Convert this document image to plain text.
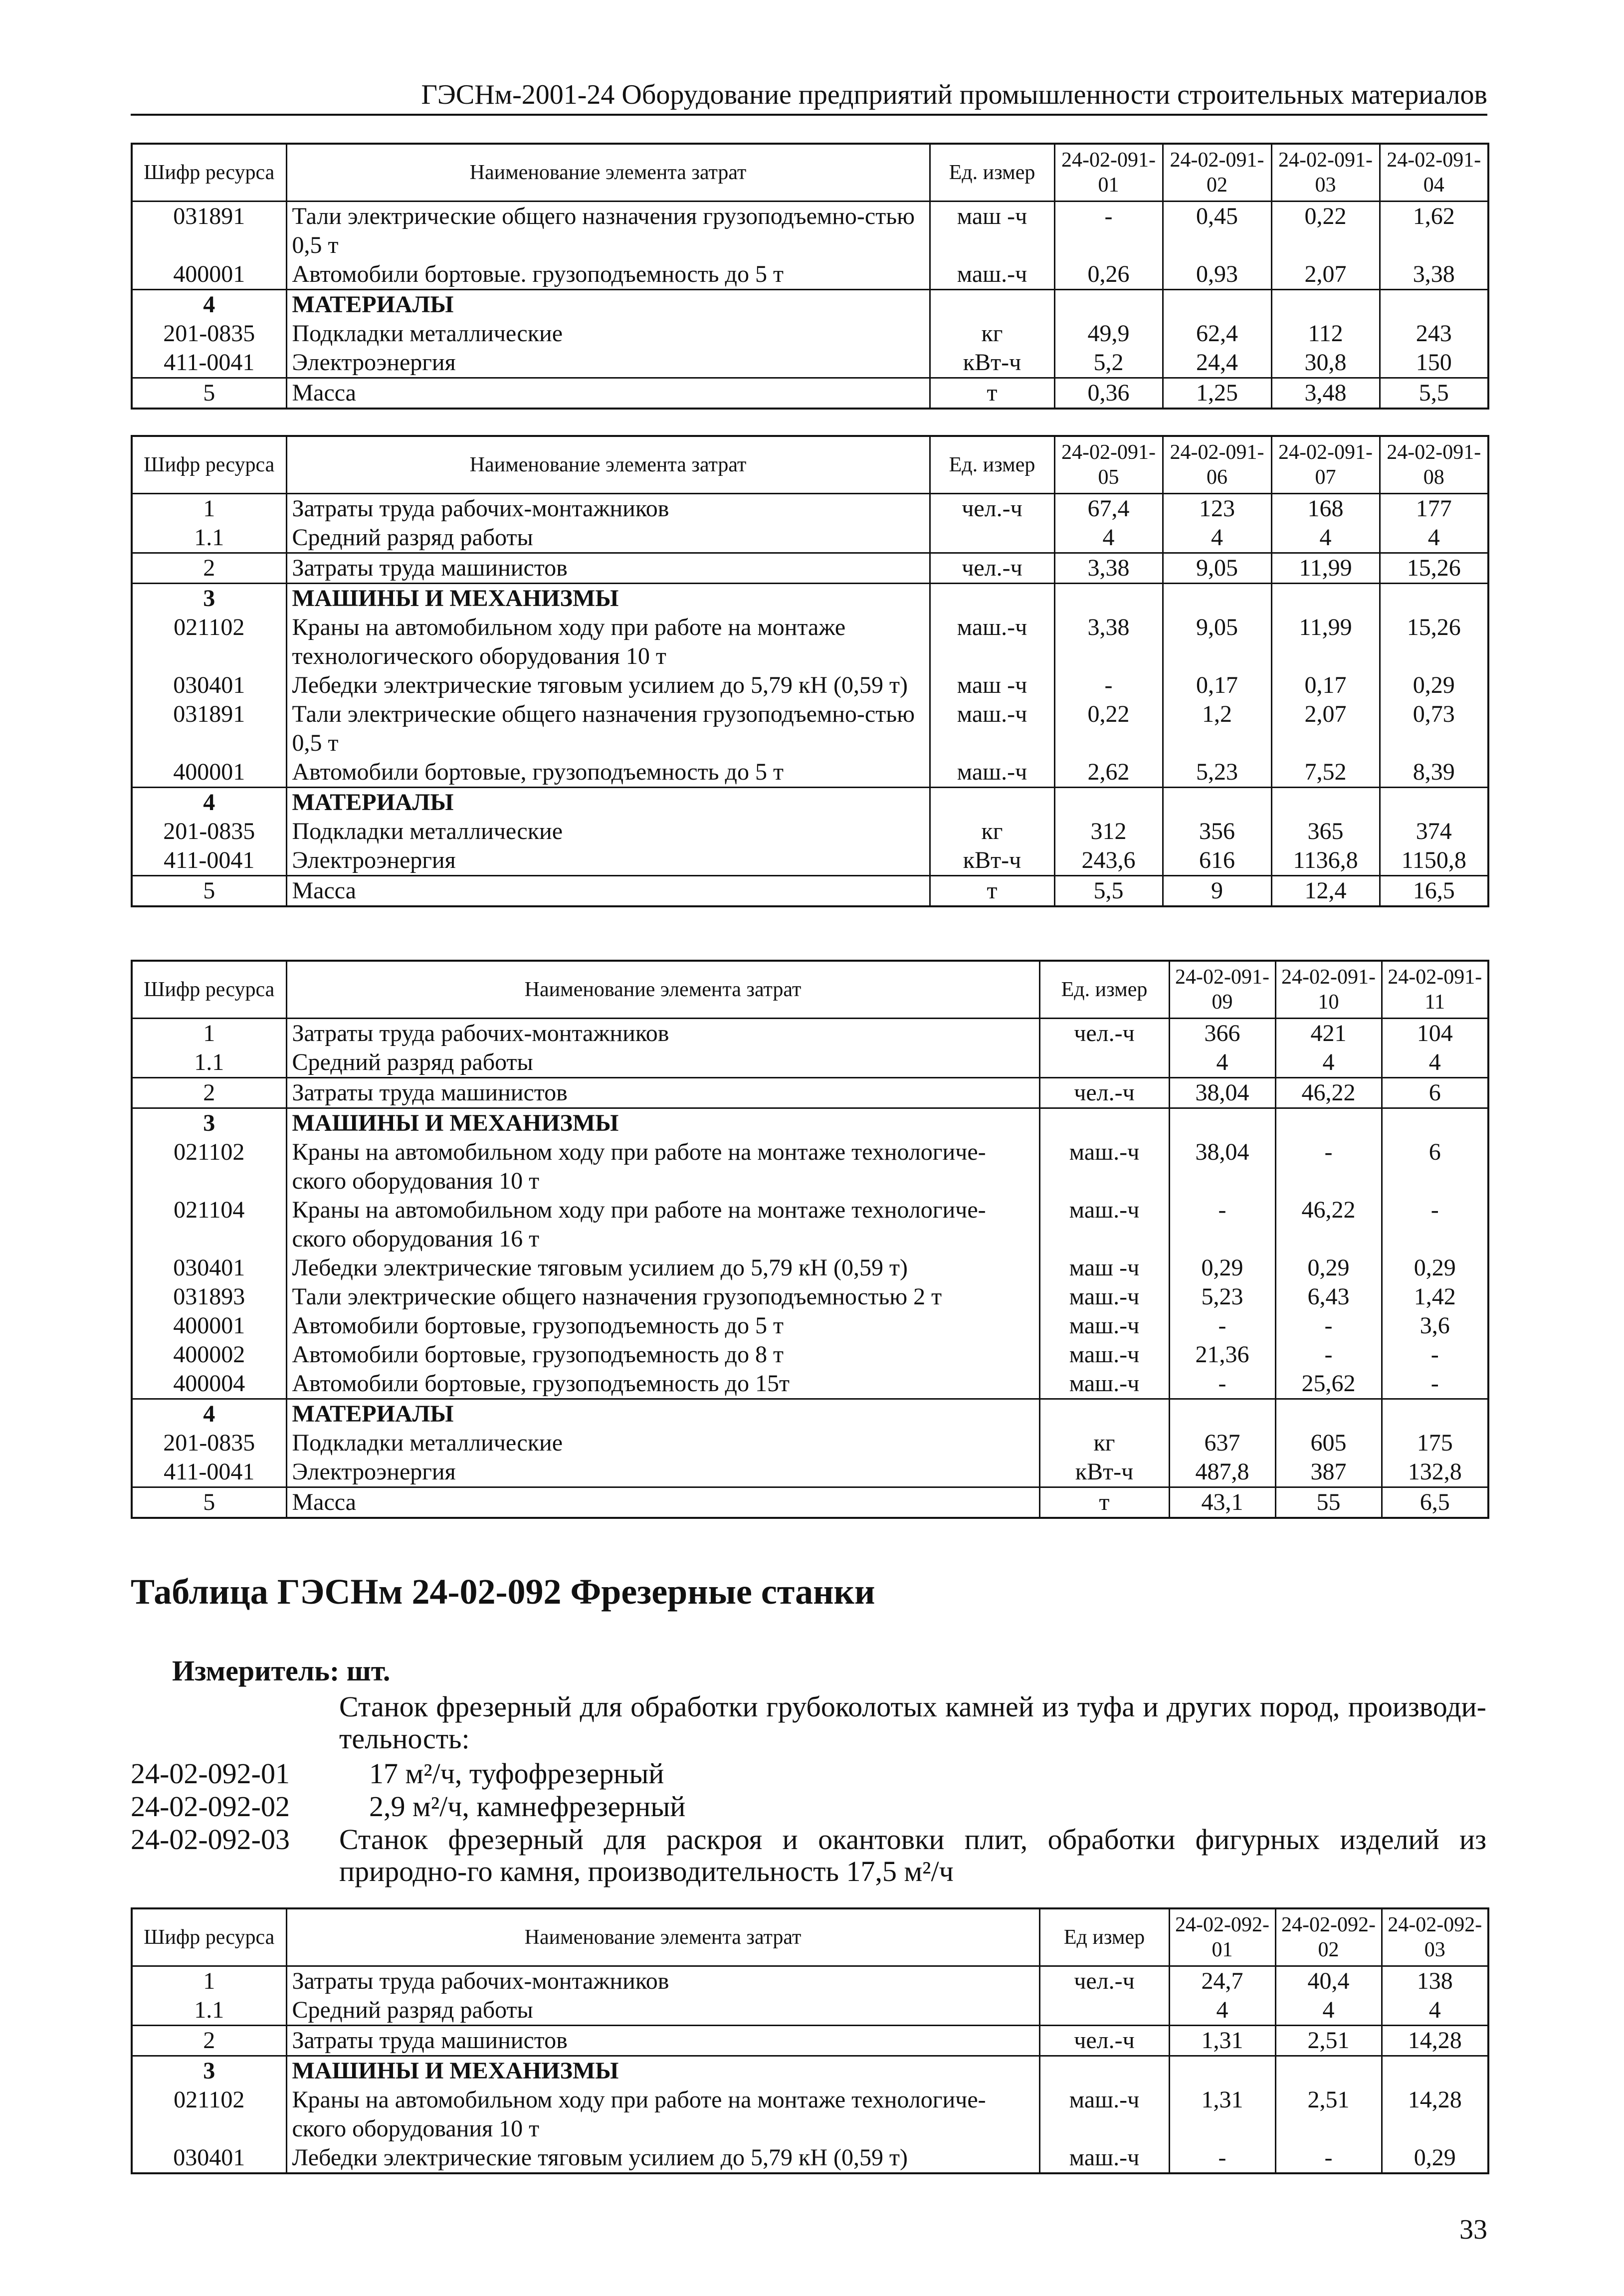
ГЭСНм-2001-24 Оборудование предприятий промышленности строительных материалов
Шифр ресурса	Наименование элемента затрат	Ед. измер	24-02-091-01	24-02-091-02	24-02-091-03	24-02-091-04
031891	Тали электрические общего назначения грузоподъемно-стью 0,5 т	маш -ч	-	0,45	0,22	1,62
400001	Автомобили бортовые. грузоподъемность до 5 т	маш.-ч	0,26	0,93	2,07	3,38
4	МАТЕРИАЛЫ					
201-0835	Подкладки металлические	кг	49,9	62,4	112	243
411-0041	Электроэнергия	кВт-ч	5,2	24,4	30,8	150
5	Масса	т	0,36	1,25	3,48	5,5
Шифр ресурса	Наименование элемента затрат	Ед. измер	24-02-091-05	24-02-091-06	24-02-091-07	24-02-091-08
1	Затраты труда рабочих-монтажников	чел.-ч	67,4	123	168	177
1.1	Средний разряд работы		4	4	4	4
2	Затраты труда машинистов	чел.-ч	3,38	9,05	11,99	15,26
3	МАШИНЫ И МЕХАНИЗМЫ					
021102	Краны на автомобильном ходу при работе на монтаже технологического оборудования 10 т	маш.-ч	3,38	9,05	11,99	15,26
030401	Лебедки электрические тяговым усилием до 5,79 кН (0,59 т)	маш -ч	-	0,17	0,17	0,29
031891	Тали электрические общего назначения грузоподъемно-стью 0,5 т	маш.-ч	0,22	1,2	2,07	0,73
400001	Автомобили бортовые, грузоподъемность до 5 т	маш.-ч	2,62	5,23	7,52	8,39
4	МАТЕРИАЛЫ					
201-0835	Подкладки металлические	кг	312	356	365	374
411-0041	Электроэнергия	кВт-ч	243,6	616	1136,8	1150,8
5	Масса	т	5,5	9	12,4	16,5
Шифр ресурса	Наименование элемента затрат	Ед. измер	24-02-091-09	24-02-091-10	24-02-091-11
1	Затраты труда рабочих-монтажников	чел.-ч	366	421	104
1.1	Средний разряд работы		4	4	4
2	Затраты труда машинистов	чел.-ч	38,04	46,22	6
3	МАШИНЫ И МЕХАНИЗМЫ				
021102	Краны на автомобильном ходу при работе на монтаже технологиче-ского оборудования 10 т	маш.-ч	38,04	-	6
021104	Краны на автомобильном ходу при работе на монтаже технологиче-ского оборудования 16 т	маш.-ч	-	46,22	-
030401	Лебедки электрические тяговым усилием до 5,79 кН (0,59 т)	маш -ч	0,29	0,29	0,29
031893	Тали электрические общего назначения грузоподъемностью 2 т	маш.-ч	5,23	6,43	1,42
400001	Автомобили бортовые, грузоподъемность до 5 т	маш.-ч	-	-	3,6
400002	Автомобили бортовые, грузоподъемность до 8 т	маш.-ч	21,36	-	-
400004	Автомобили бортовые, грузоподъемность до 15т	маш.-ч	-	25,62	-
4	МАТЕРИАЛЫ				
201-0835	Подкладки металлические	кг	637	605	175
411-0041	Электроэнергия	кВт-ч	487,8	387	132,8
5	Масса	т	43,1	55	6,5
Таблица ГЭСНм 24-02-092 Фрезерные станки
Измеритель: шт.
Станок фрезерный для обработки грубоколотых камней из туфа и других пород, производи-тельность:
24-02-092-01	17 м²/ч, туфофрезерный
24-02-092-02	2,9 м²/ч, камнефрезерный
24-02-092-03 Станок фрезерный для раскроя и окантовки плит, обработки фигурных изделий из природно-го камня, производительность 17,5 м²/ч
Шифр ресурса	Наименование элемента затрат	Ед измер	24-02-092-01	24-02-092-02	24-02-092-03
1	Затраты труда рабочих-монтажников	чел.-ч	24,7	40,4	138
1.1	Средний разряд работы		4	4	4
2	Затраты труда машинистов	чел.-ч	1,31	2,51	14,28
3	МАШИНЫ И МЕХАНИЗМЫ				
021102	Краны на автомобильном ходу при работе на монтаже технологиче-ского оборудования 10 т	маш.-ч	1,31	2,51	14,28
030401	Лебедки электрические тяговым усилием до 5,79 кН (0,59 т)	маш.-ч	-	-	0,29
33
